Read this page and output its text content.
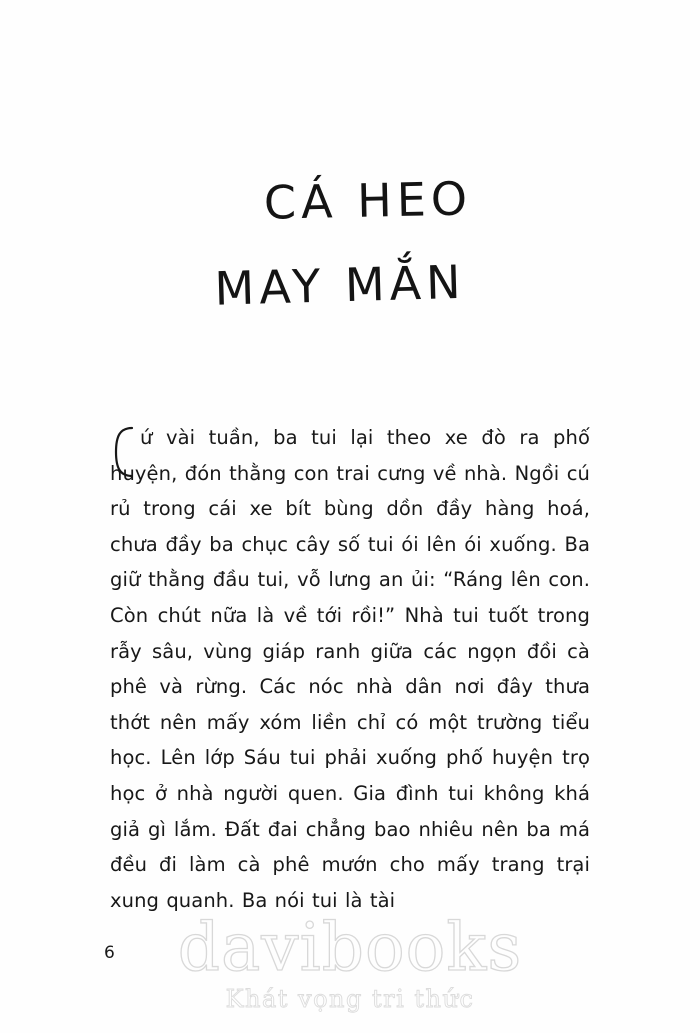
CÁ HEO
MAY MẮN

ứ vài tuần, ba tui lại theo xe đò ra phố huyện, đón thằng con trai cưng về nhà. Ngồi cú rủ trong cái xe bít bùng dồn đầy hàng hoá, chưa đầy ba chục cây số tui ói lên ói xuống. Ba giữ thằng đầu tui, vỗ lưng an ủi: “Ráng lên con. Còn chút nữa là về tới rồi!” Nhà tui tuốt trong rẫy sâu, vùng giáp ranh giữa các ngọn đồi cà phê và rừng. Các nóc nhà dân nơi đây thưa thớt nên mấy xóm liền chỉ có một trường tiểu học. Lên lớp Sáu tui phải xuống phố huyện trọ học ở nhà người quen. Gia đình tui không khá giả gì lắm. Đất đai chẳng bao nhiêu nên ba má đều đi làm cà phê mướn cho mấy trang trại xung quanh. Ba nói tui là tài

6 davibooks
Khát vọng tri thức
